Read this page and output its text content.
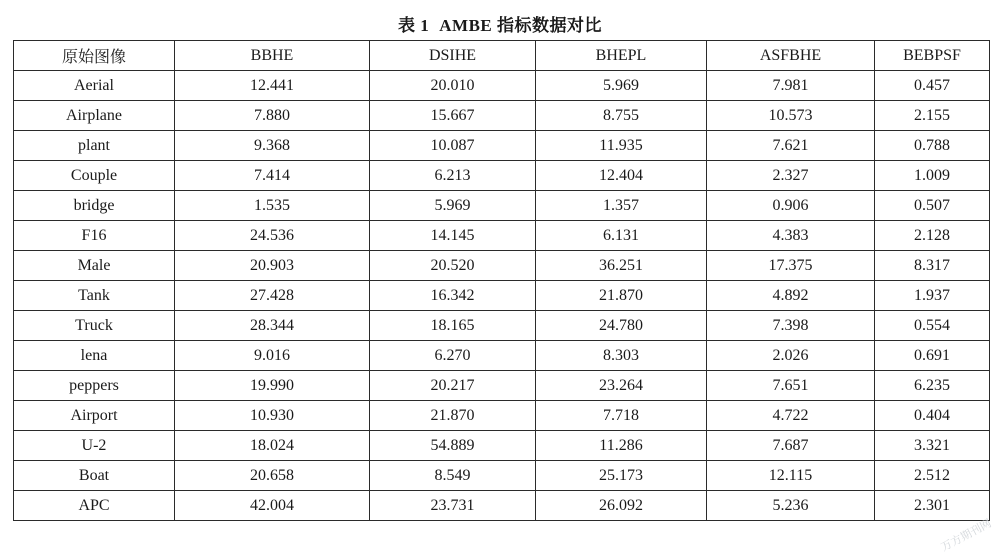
表 1 AMBE 指标数据对比
原始图像	BBHE	DSIHE	BHEPL	ASFBHE	BEBPSF
Aerial	12.441	20.010	5.969	7.981	0.457
Airplane	7.880	15.667	8.755	10.573	2.155
plant	9.368	10.087	11.935	7.621	0.788
Couple	7.414	6.213	12.404	2.327	1.009
bridge	1.535	5.969	1.357	0.906	0.507
F16	24.536	14.145	6.131	4.383	2.128
Male	20.903	20.520	36.251	17.375	8.317
Tank	27.428	16.342	21.870	4.892	1.937
Truck	28.344	18.165	24.780	7.398	0.554
lena	9.016	6.270	8.303	2.026	0.691
peppers	19.990	20.217	23.264	7.651	6.235
Airport	10.930	21.870	7.718	4.722	0.404
U-2	18.024	54.889	11.286	7.687	3.321
Boat	20.658	8.549	25.173	12.115	2.512
APC	42.004	23.731	26.092	5.236	2.301
万方期刊网
